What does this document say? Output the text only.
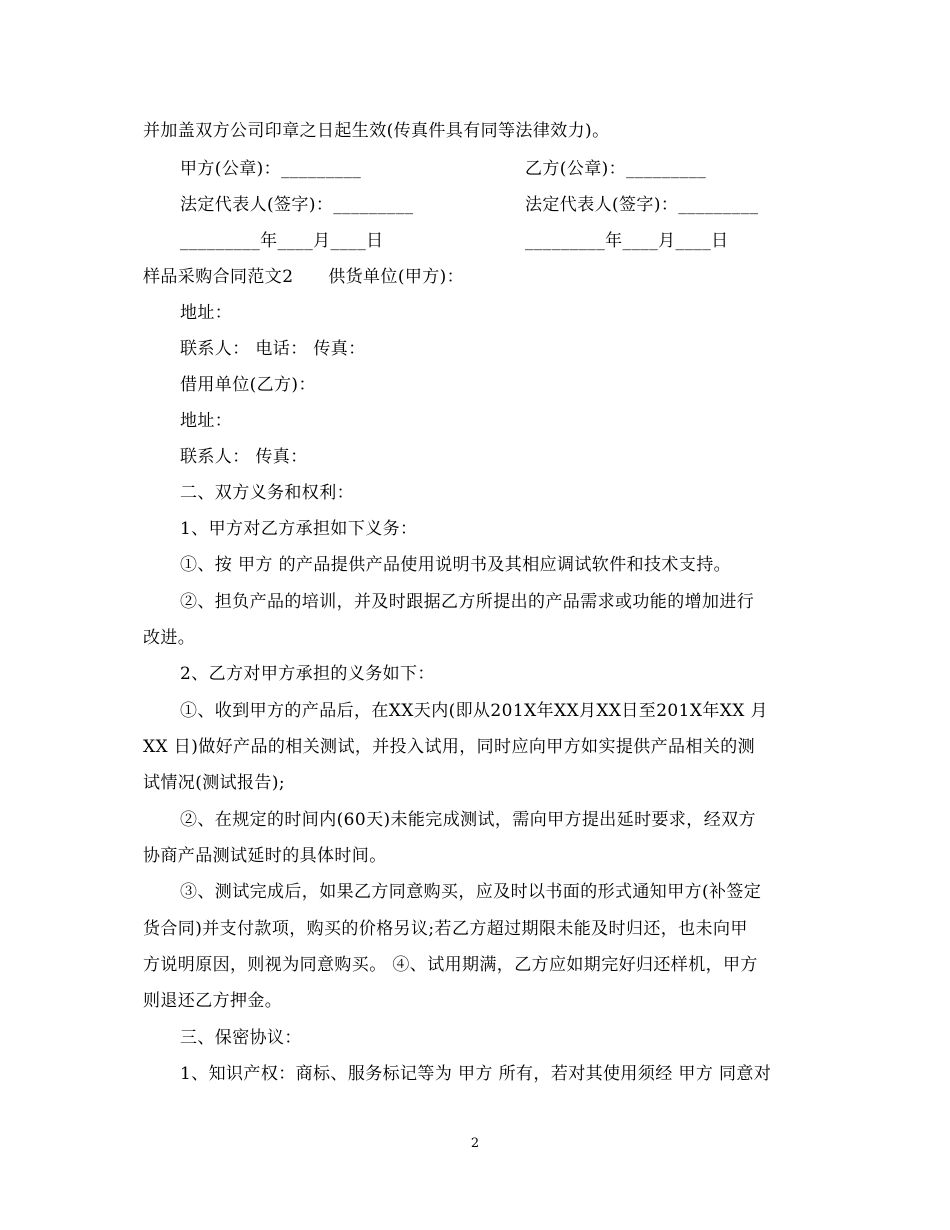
并加盖双方公司印章之日起生效(传真件具有同等法律效力)。
甲方(公章)：_________	乙方(公章)：_________
法定代表人(签字)：_________	法定代表人(签字)：_________
_________年____月____日	_________年____月____日
样品采购合同范文2　　供货单位(甲方)：
地址：
联系人： 电话： 传真：
借用单位(乙方)：
地址：
联系人： 传真：
二、双方义务和权利：
1、甲方对乙方承担如下义务：
①、按 甲方 的产品提供产品使用说明书及其相应调试软件和技术支持。
②、担负产品的培训，并及时跟据乙方所提出的产品需求或功能的增加进行
改进。
2、乙方对甲方承担的义务如下：
①、收到甲方的产品后，在XX天内(即从201X年XX月XX日至201X年XX 月
XX 日)做好产品的相关测试，并投入试用，同时应向甲方如实提供产品相关的测
试情况(测试报告);
②、在规定的时间内(60天)未能完成测试，需向甲方提出延时要求，经双方
协商产品测试延时的具体时间。
③、测试完成后，如果乙方同意购买，应及时以书面的形式通知甲方(补签定
货合同)并支付款项，购买的价格另议;若乙方超过期限未能及时归还，也未向甲
方说明原因，则视为同意购买。 ④、试用期满，乙方应如期完好归还样机，甲方
则退还乙方押金。
三、保密协议：
1、知识产权：商标、服务标记等为 甲方 所有，若对其使用须经 甲方 同意对
2
